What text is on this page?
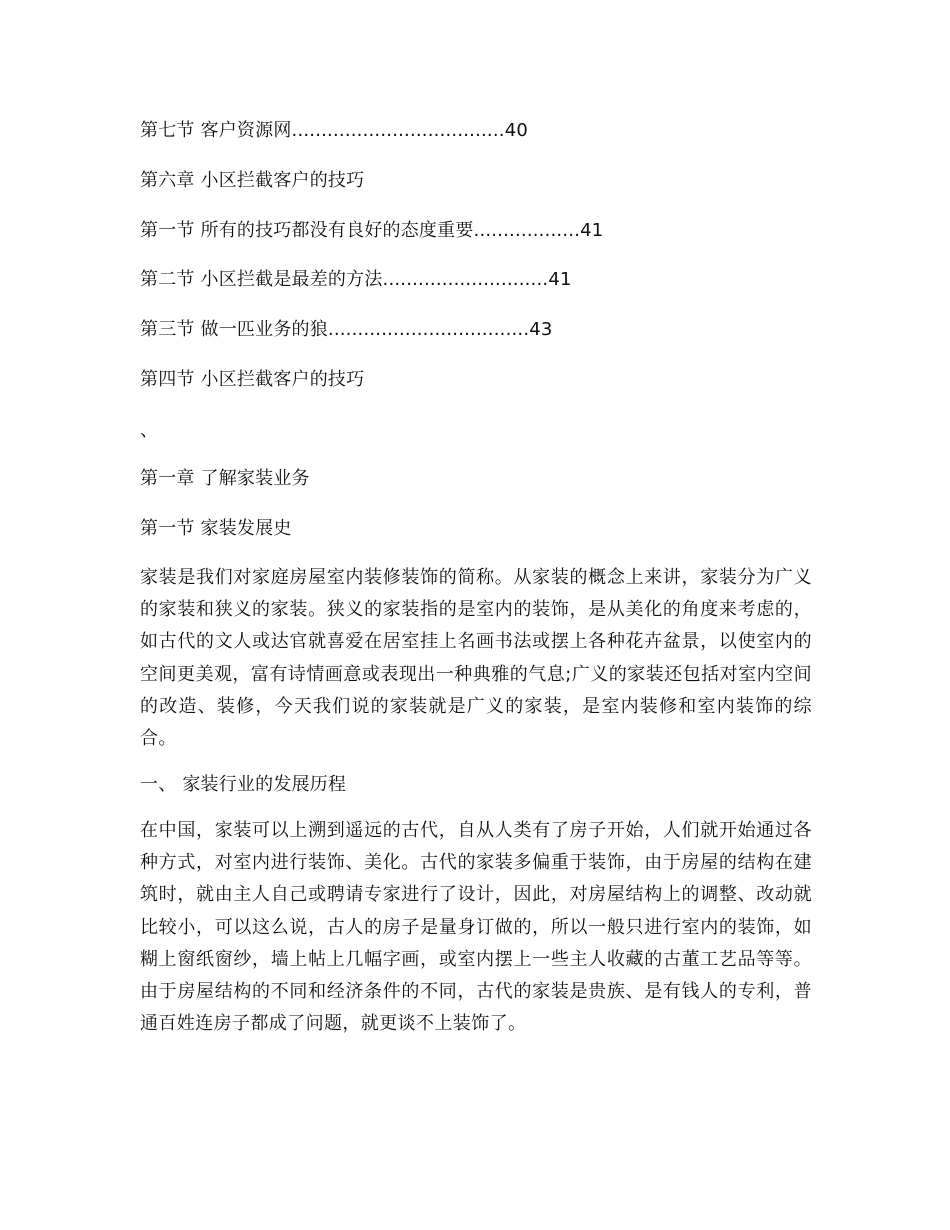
第七节 客户资源网....................................40
第六章 小区拦截客户的技巧
第一节 所有的技巧都没有良好的态度重要..................41
第二节 小区拦截是最差的方法............................41
第三节 做一匹业务的狼..................................43
第四节 小区拦截客户的技巧
、
第一章 了解家装业务
第一节 家装发展史
家装是我们对家庭房屋室内装修装饰的简称。从家装的概念上来讲，家装分为广义的家装和狭义的家装。狭义的家装指的是室内的装饰，是从美化的角度来考虑的，如古代的文人或达官就喜爱在居室挂上名画书法或摆上各种花卉盆景，以使室内的空间更美观，富有诗情画意或表现出一种典雅的气息;广义的家装还包括对室内空间的改造、装修，今天我们说的家装就是广义的家装，是室内装修和室内装饰的综合。
一、 家装行业的发展历程
在中国，家装可以上溯到遥远的古代，自从人类有了房子开始，人们就开始通过各种方式，对室内进行装饰、美化。古代的家装多偏重于装饰，由于房屋的结构在建筑时，就由主人自己或聘请专家进行了设计，因此，对房屋结构上的调整、改动就比较小，可以这么说，古人的房子是量身订做的，所以一般只进行室内的装饰，如糊上窗纸窗纱，墙上帖上几幅字画，或室内摆上一些主人收藏的古董工艺品等等。由于房屋结构的不同和经济条件的不同，古代的家装是贵族、是有钱人的专利，普通百姓连房子都成了问题，就更谈不上装饰了。
